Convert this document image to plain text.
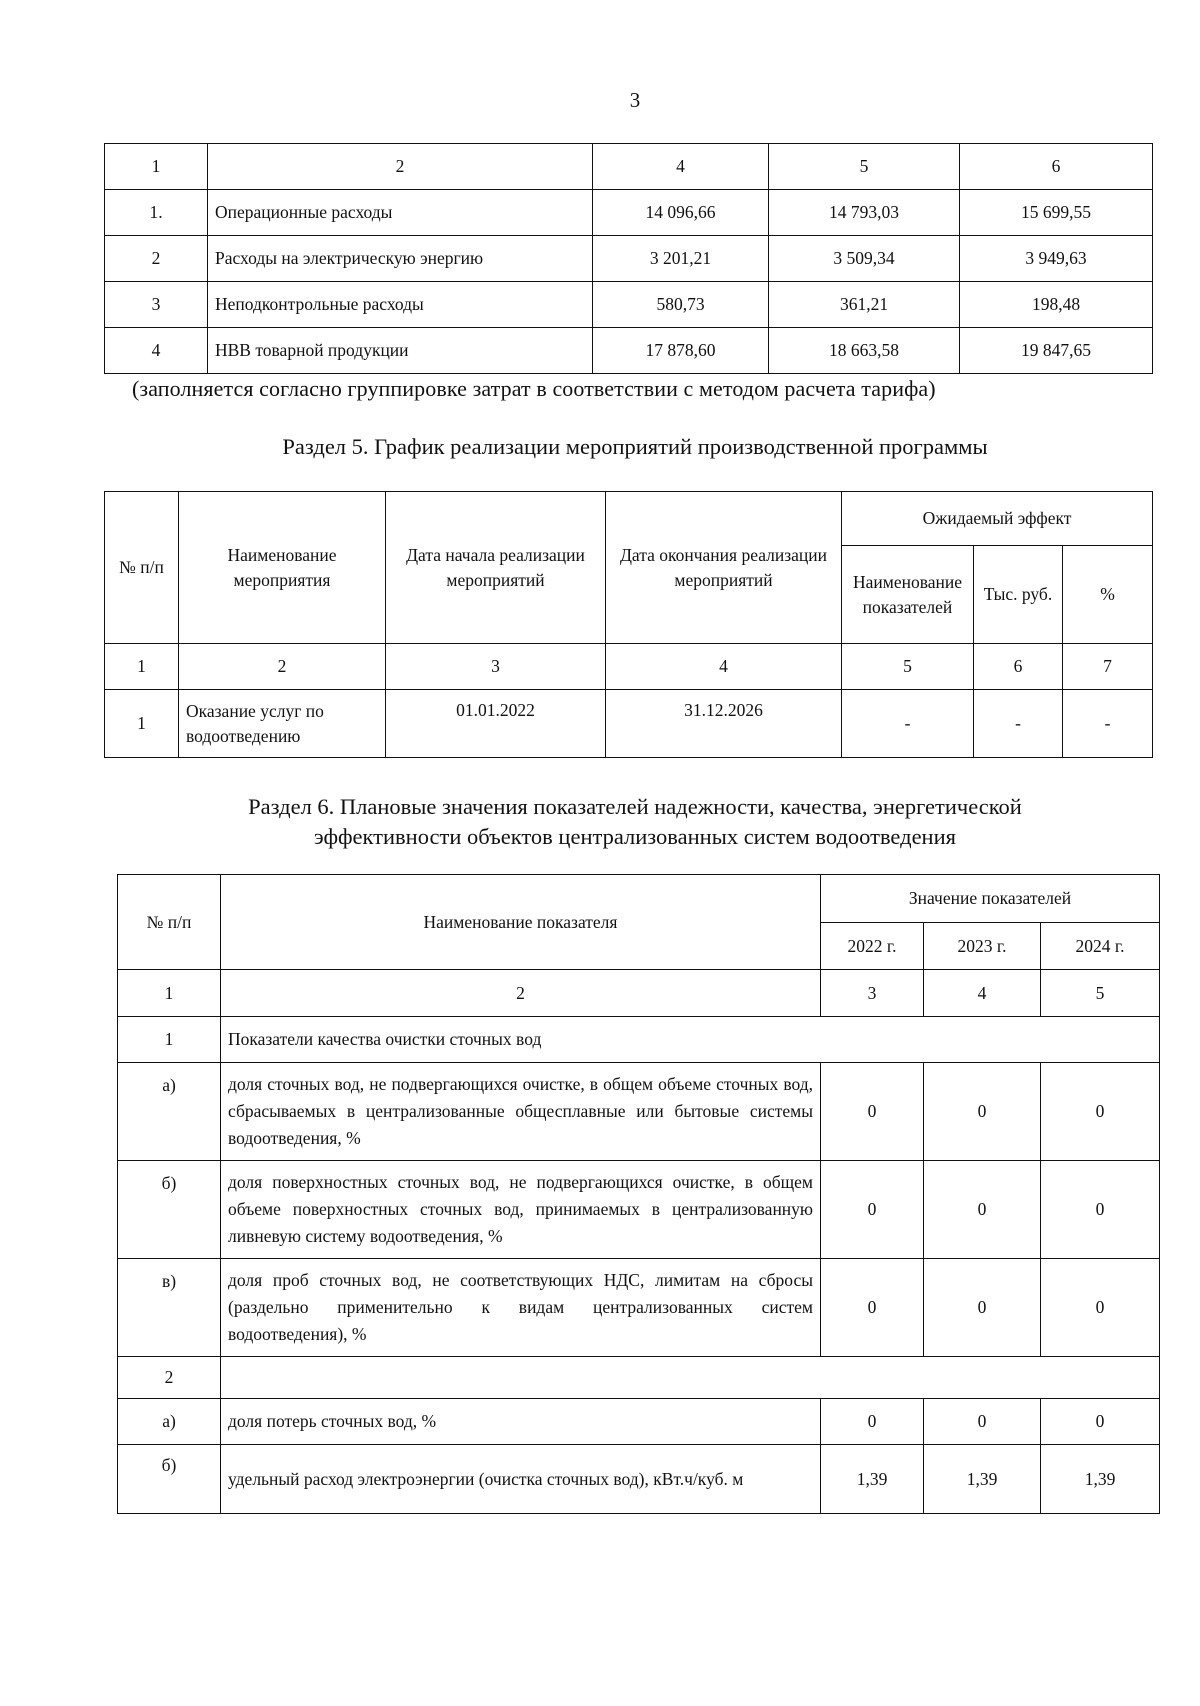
3
1	2	4	5	6
1.	Операционные расходы	14 096,66	14 793,03	15 699,55
2	Расходы на электрическую энергию	3 201,21	3 509,34	3 949,63
3	Неподконтрольные расходы	580,73	361,21	198,48
4	НВВ товарной продукции	17 878,60	18 663,58	19 847,65
(заполняется согласно группировке затрат в соответствии с методом расчета тарифа)
Раздел 5. График реализации мероприятий производственной программы
№ п/п	Наименование мероприятия	Дата начала реализации мероприятий	Дата окончания реализации мероприятий	Ожидаемый эффект		
				Наименование показателей	Тыс. руб.	%
1	2	3	4	5	6	7
1	Оказание услуг по водоотведению	01.01.2022	31.12.2026	-	-	-
Раздел 6. Плановые значения показателей надежности, качества, энергетической
эффективности объектов централизованных систем водоотведения
№ п/п	Наименование показателя	Значение показателей		
		2022 г.	2023 г.	2024 г.
1	2	3	4	5
1	Показатели качества очистки сточных вод			
а)	доля сточных вод, не подвергающихся очистке, в общем объеме сточных вод, сбрасываемых в централизованные общесплавные или бытовые системы водоотведения, %	0	0	0
б)	доля поверхностных сточных вод, не подвергающихся очистке, в общем объеме поверхностных сточных вод, принимаемых в централизованную ливневую систему водоотведения, %	0	0	0
в)	доля проб сточных вод, не соответствующих НДС, лимитам на сбросы (раздельно применительно к видам централизованных систем водоотведения), %	0	0	0
2				
а)	доля потерь сточных вод, %	0	0	0
б)	удельный расход электроэнергии (очистка сточных вод), кВт.ч/куб. м	1,39	1,39	1,39
